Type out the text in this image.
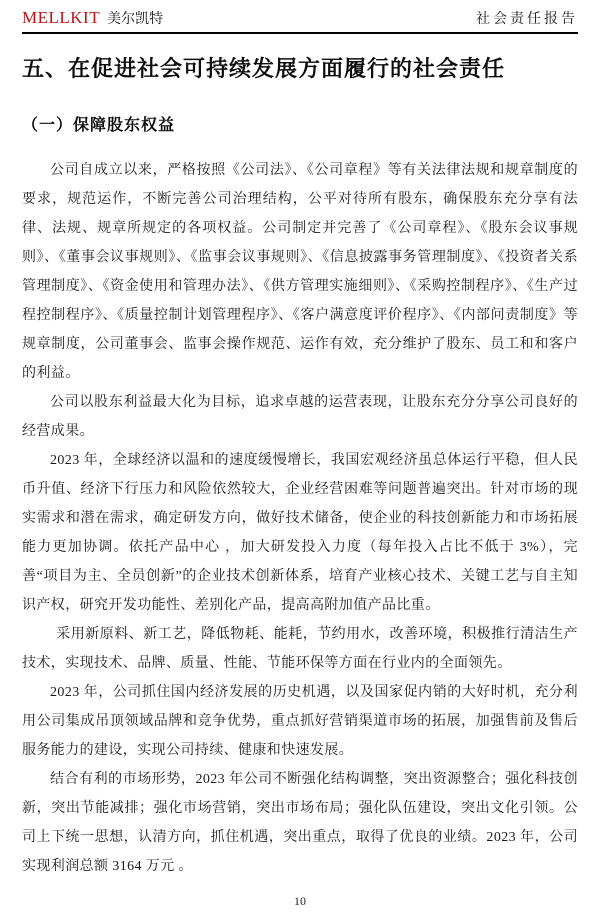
MELLKIT 美尔凯特	社会责任报告
五、在促进社会可持续发展方面履行的社会责任
（一）保障股东权益

公司自成立以来，严格按照《公司法》、《公司章程》等有关法律法规和规章制度的要求，规范运作，不断完善公司治理结构，公平对待所有股东，确保股东充分享有法律、法规、规章所规定的各项权益。公司制定并完善了《公司章程》、《股东会议事规则》、《董事会议事规则》、《监事会议事规则》、《信息披露事务管理制度》、《投资者关系管理制度》、《资金使用和管理办法》、《供方管理实施细则》、《采购控制程序》、《生产过程控制程序》、《质量控制计划管理程序》、《客户满意度评价程序》、《内部问责制度》等规章制度，公司董事会、监事会操作规范、运作有效，充分维护了股东、员工和和客户的利益。

公司以股东利益最大化为目标，追求卓越的运营表现，让股东充分分享公司良好的经营成果。

2023 年，全球经济以温和的速度缓慢增长，我国宏观经济虽总体运行平稳，但人民币升值、经济下行压力和风险依然较大，企业经营困难等问题普遍突出。针对市场的现实需求和潜在需求，确定研发方向，做好技术储备，使企业的科技创新能力和市场拓展能力更加协调。依托产品中心 ，加大研发投入力度（每年投入占比不低于 3%），完善“项目为主、全员创新”的企业技术创新体系，培育产业核心技术、关键工艺与自主知识产权，研究开发功能性、差别化产品，提高高附加值产品比重。

采用新原料、新工艺，降低物耗、能耗，节约用水，改善环境，积极推行清洁生产技术，实现技术、品牌、质量、性能、节能环保等方面在行业内的全面领先。

2023 年，公司抓住国内经济发展的历史机遇，以及国家促内销的大好时机，充分利用公司集成吊顶领域品牌和竞争优势，重点抓好营销渠道市场的拓展，加强售前及售后服务能力的建设，实现公司持续、健康和快速发展。

结合有利的市场形势，2023 年公司不断强化结构调整，突出资源整合；强化科技创新，突出节能减排；强化市场营销，突出市场布局；强化队伍建设，突出文化引领。公司上下统一思想，认清方向，抓住机遇，突出重点，取得了优良的业绩。2023 年，公司实现利润总额 3164 万元 。

10
